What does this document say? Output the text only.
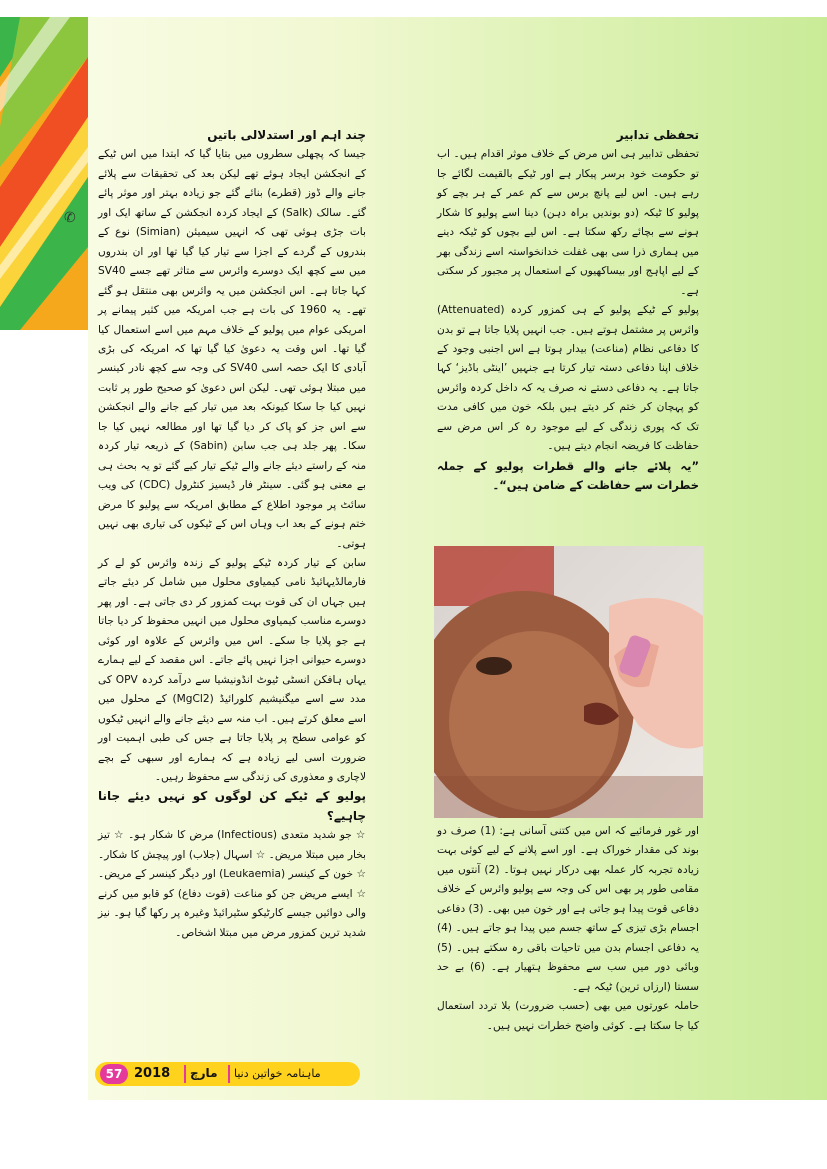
✆

تحفظی تدابیر

تحفظی تدابیر ہی اس مرض کے خلاف موثر اقدام ہیں۔ اب تو حکومت خود برسر پیکار ہے اور ٹیکے بالقیمت لگائے جا رہے ہیں۔ اس لیے پانچ برس سے کم عمر کے ہر بچے کو پولیو کا ٹیکہ (دو بوندیں براہ دہن) دینا اسے پولیو کا شکار ہونے سے بچائے رکھ سکتا ہے۔ اس لیے بچوں کو ٹیکہ دینے میں ہماری ذرا سی بھی غفلت خدانخواستہ اسے زندگی بھر کے لیے اپاہج اور بیساکھیوں کے استعمال پر مجبور کر سکتی ہے۔

پولیو کے ٹیکے پولیو کے ہی کمزور کردہ (Attenuated) وائرس پر مشتمل ہوتے ہیں۔ جب انہیں پلایا جاتا ہے تو بدن کا دفاعی نظام (مناعت) بیدار ہوتا ہے اس اجنبی وجود کے خلاف اپنا دفاعی دستہ تیار کرتا ہے جنہیں ’اینٹی باڈیز‘ کہا جاتا ہے۔ یہ دفاعی دستے نہ صرف یہ کہ داخل کردہ وائرس کو پہچان کر ختم کر دیتے ہیں بلکہ خون میں کافی مدت تک کہ پوری زندگی کے لیے موجود رہ کر اس مرض سے حفاظت کا فریضہ انجام دیتے ہیں۔

”یہ پلائے جانے والے قطرات پولیو کے جملہ خطرات سے حفاظت کے ضامن ہیں“۔

اور غور فرمائیے کہ اس میں کتنی آسانی ہے: (1) صرف دو بوند کی مقدار خوراک ہے۔ اور اسے پلانے کے لیے کوئی بہت زیادہ تجربہ کار عملہ بھی درکار نہیں ہوتا۔ (2) آنتوں میں مقامی طور پر بھی اس کی وجہ سے پولیو وائرس کے خلاف دفاعی قوت پیدا ہو جاتی ہے اور خون میں بھی۔ (3) دفاعی اجسام بڑی تیزی کے ساتھ جسم میں پیدا ہو جاتے ہیں۔ (4) یہ دفاعی اجسام بدن میں تاحیات باقی رہ سکتے ہیں۔ (5) وبائی دور میں سب سے محفوظ ہتھیار ہے۔ (6) بے حد سستا (ارزاں ترین) ٹیکہ ہے۔

حاملہ عورتوں میں بھی (حسب ضرورت) بلا تردد استعمال کیا جا سکتا ہے۔ کوئی واضح خطرات نہیں ہیں۔

چند اہم اور استدلالی باتیں

جیسا کہ پچھلی سطروں میں بتایا گیا کہ ابتدا میں اس ٹیکے کے انجکشن ایجاد ہوئے تھے لیکن بعد کی تحقیقات سے پلائے جانے والے ڈوز (قطرے) بنائے گئے جو زیادہ بہتر اور موثر پائے گئے۔ سالک (Salk) کے ایجاد کردہ انجکشن کے ساتھ ایک اور بات جڑی ہوئی تھی کہ انہیں سیمیئن (Simian) نوع کے بندروں کے گردے کے اجزا سے تیار کیا گیا تھا اور ان بندروں میں سے کچھ ایک دوسرے وائرس سے متاثر تھے جسے SV40 کہا جاتا ہے۔ اس انجکشن میں یہ وائرس بھی منتقل ہو گئے تھے۔ یہ 1960 کی بات ہے جب امریکہ میں کثیر پیمانے پر امریکی عوام میں پولیو کے خلاف مہم میں اسے استعمال کیا گیا تھا۔ اس وقت یہ دعویٰ کیا گیا تھا کہ امریکہ کی بڑی آبادی کا ایک حصہ اسی SV40 کی وجہ سے کچھ نادر کینسر میں مبتلا ہوئی تھی۔ لیکن اس دعویٰ کو صحیح طور پر ثابت نہیں کیا جا سکا کیونکہ بعد میں تیار کیے جانے والے انجکشن سے اس جز کو پاک کر دیا گیا تھا اور مطالعہ نہیں کیا جا سکا۔ پھر جلد ہی جب سابن (Sabin) کے ذریعہ تیار کردہ منہ کے راستے دیئے جانے والے ٹیکے تیار کیے گئے تو یہ بحث ہی بے معنی ہو گئی۔ سینٹر فار ڈیسیز کنٹرول (CDC) کی ویب سائٹ پر موجود اطلاع کے مطابق امریکہ سے پولیو کا مرض ختم ہونے کے بعد اب وہاں اس کے ٹیکوں کی تیاری بھی نہیں ہوتی۔

سابن کے تیار کردہ ٹیکے پولیو کے زندہ وائرس کو لے کر فارمالڈیہائیڈ نامی کیمیاوی محلول میں شامل کر دیئے جاتے ہیں جہاں ان کی قوت بہت کمزور کر دی جاتی ہے۔ اور پھر دوسرے مناسب کیمیاوی محلول میں انہیں محفوظ کر دیا جاتا ہے جو پلایا جا سکے۔ اس میں وائرس کے علاوہ اور کوئی دوسرے حیوانی اجزا نہیں پائے جاتے۔ اس مقصد کے لیے ہمارے یہاں ہافکن انسٹی ٹیوٹ انڈونیشیا سے درآمد کردہ OPV کی مدد سے اسے میگنیشیم کلورائیڈ (MgCl2) کے محلول میں اسے معلق کرتے ہیں۔ اب منہ سے دیئے جانے والے انہیں ٹیکوں کو عوامی سطح پر پلایا جاتا ہے جس کی طبی اہمیت اور ضرورت اسی لیے زیادہ ہے کہ ہمارے اور سبھی کے بچے لاچاری و معذوری کی زندگی سے محفوظ رہیں۔

پولیو کے ٹیکے کن لوگوں کو نہیں دیئے جانا چاہیے؟

☆ جو شدید متعدی (Infectious) مرض کا شکار ہو۔ ☆ تیز بخار میں مبتلا مریض۔ ☆ اسہال (جلاب) اور پیچش کا شکار۔ ☆ خون کے کینسر (Leukaemia) اور دیگر کینسر کے مریض۔ ☆ ایسے مریض جن کو مناعت (قوت دفاع) کو قابو میں کرنے والی دوائیں جیسے کارٹیکو سٹیرائیڈ وغیرہ پر رکھا گیا ہو۔ نیز شدید ترین کمزور مرض میں مبتلا اشخاص۔

57 2018 مارچ ماہنامہ خواتین دنیا
